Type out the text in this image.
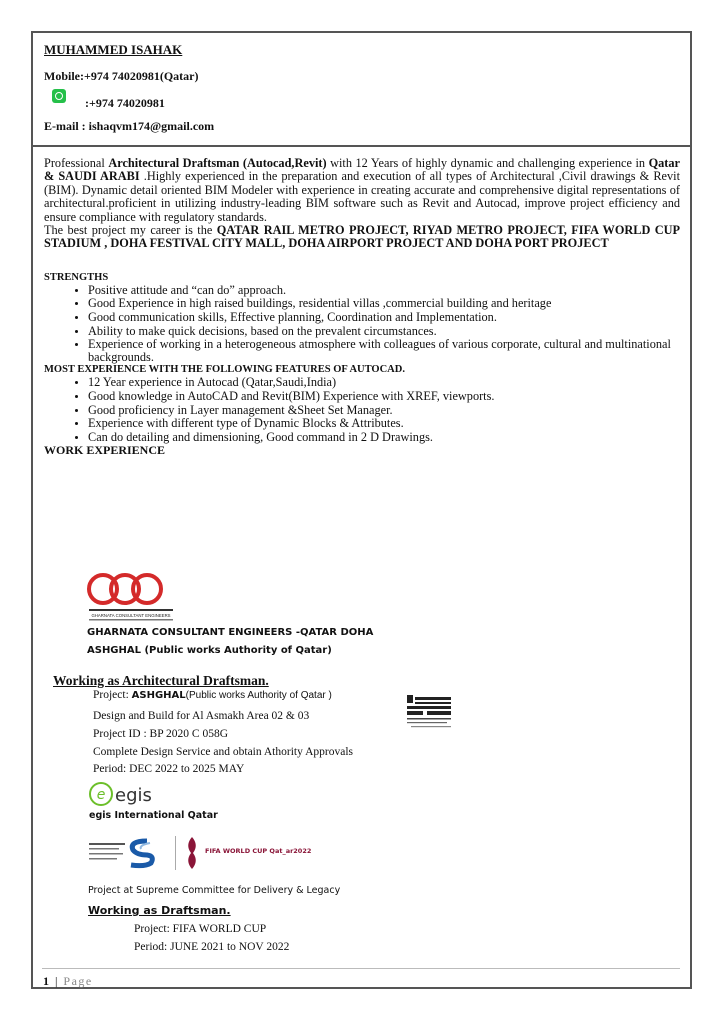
MUHAMMED ISAHAK
Mobile:+974 74020981(Qatar)
:+974 74020981
E-mail : ishaqvm174@gmail.com

Professional Architectural Draftsman (Autocad,Revit) with 12 Years of highly dynamic and challenging experience in Qatar & SAUDI ARABI .Highly experienced in the preparation and execution of all types of Architectural ,Civil drawings & Revit (BIM). Dynamic detail oriented BIM Modeler with experience in creating accurate and comprehensive digital representations of architectural.proficient in utilizing industry-leading BIM software such as Revit and Autocad, improve project efficiency and ensure compliance with regulatory standards.

The best project my career is the QATAR RAIL METRO PROJECT, RIYAD METRO PROJECT, FIFA WORLD CUP STADIUM , DOHA FESTIVAL CITY MALL, DOHA AIRPORT PROJECT AND DOHA PORT PROJECT

STRENGTHS

• Positive attitude and “can do” approach.
• Good Experience in high raised buildings, residential villas ,commercial building and heritage
• Good communication skills, Effective planning, Coordination and Implementation.
• Ability to make quick decisions, based on the prevalent circumstances.
• Experience of working in a heterogeneous atmosphere with colleagues of various corporate, cultural and multinational backgrounds.

MOST EXPERIENCE WITH THE FOLLOWING FEATURES OF AUTOCAD.

• 12 Year experience in Autocad (Qatar,Saudi,India)
• Good knowledge in AutoCAD and Revit(BIM) Experience with XREF, viewports.
• Good proficiency in Layer management &Sheet Set Manager.
• Experience with different type of Dynamic Blocks & Attributes.
• Can do detailing and dimensioning, Good command in 2 D Drawings.

WORK EXPERIENCE

GHARNATA CONSULTANT ENGINEERS
GHARNATA CONSULTANT ENGINEERS -QATAR DOHA
ASHGHAL (Public works Authority of Qatar)
Working as Architectural Draftsman.
Project: ASHGHAL(Public works Authority of Qatar )
Design and Build for Al Asmakh Area 02 & 03
Project ID : BP 2020 C 058G
Complete Design Service and obtain Athority Approvals
Period: DEC 2022 to 2025 MAY
e egis
egis International Qatar
FIFA WORLD CUP Qat_ar2022
Project at Supreme Committee for Delivery & Legacy
Working as Draftsman.
Project: FIFA WORLD CUP
Period: JUNE 2021 to NOV 2022
1 | Page
